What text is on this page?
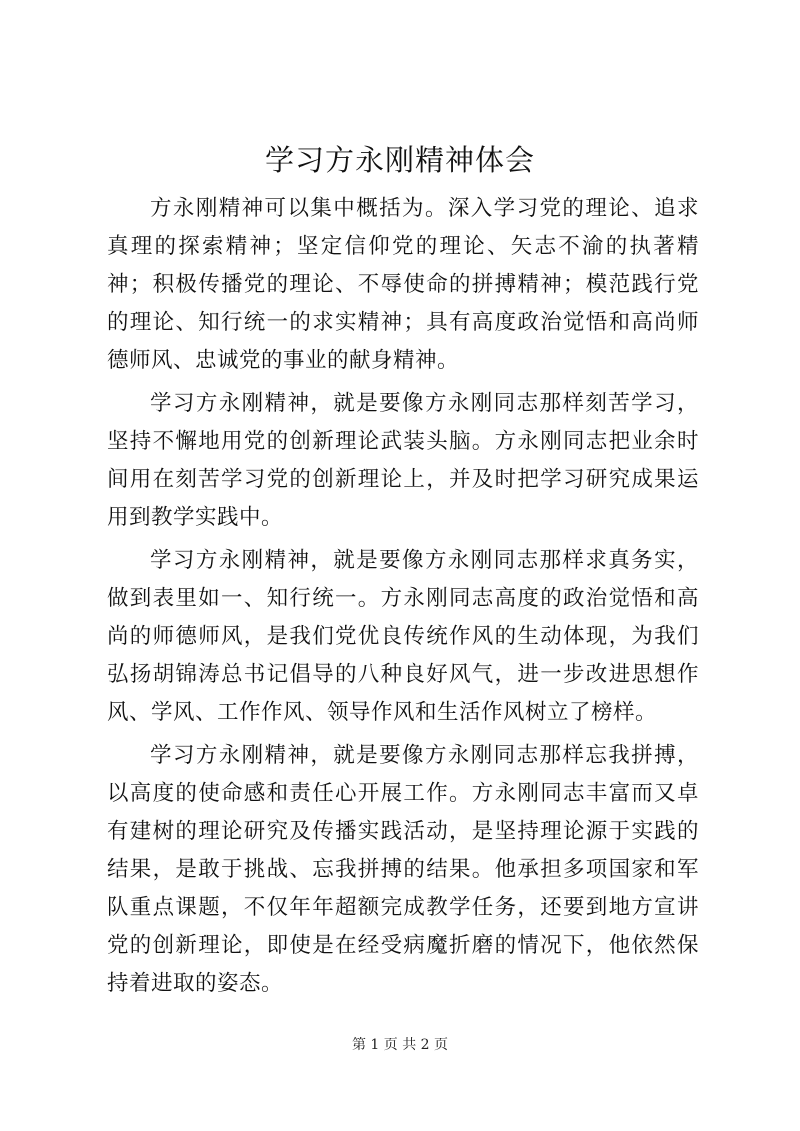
学习方永刚精神体会

方永刚精神可以集中概括为。深入学习党的理论、追求真理的探索精神；坚定信仰党的理论、矢志不渝的执著精神；积极传播党的理论、不辱使命的拼搏精神；模范践行党的理论、知行统一的求实精神；具有高度政治觉悟和高尚师德师风、忠诚党的事业的献身精神。

学习方永刚精神，就是要像方永刚同志那样刻苦学习，坚持不懈地用党的创新理论武装头脑。方永刚同志把业余时间用在刻苦学习党的创新理论上，并及时把学习研究成果运用到教学实践中。

学习方永刚精神，就是要像方永刚同志那样求真务实，做到表里如一、知行统一。方永刚同志高度的政治觉悟和高尚的师德师风，是我们党优良传统作风的生动体现，为我们弘扬胡锦涛总书记倡导的八种良好风气，进一步改进思想作风、学风、工作作风、领导作风和生活作风树立了榜样。

学习方永刚精神，就是要像方永刚同志那样忘我拼搏，以高度的使命感和责任心开展工作。方永刚同志丰富而又卓有建树的理论研究及传播实践活动，是坚持理论源于实践的结果，是敢于挑战、忘我拼搏的结果。他承担多项国家和军队重点课题，不仅年年超额完成教学任务，还要到地方宣讲党的创新理论，即使是在经受病魔折磨的情况下，他依然保持着进取的姿态。

第 1 页 共 2 页
